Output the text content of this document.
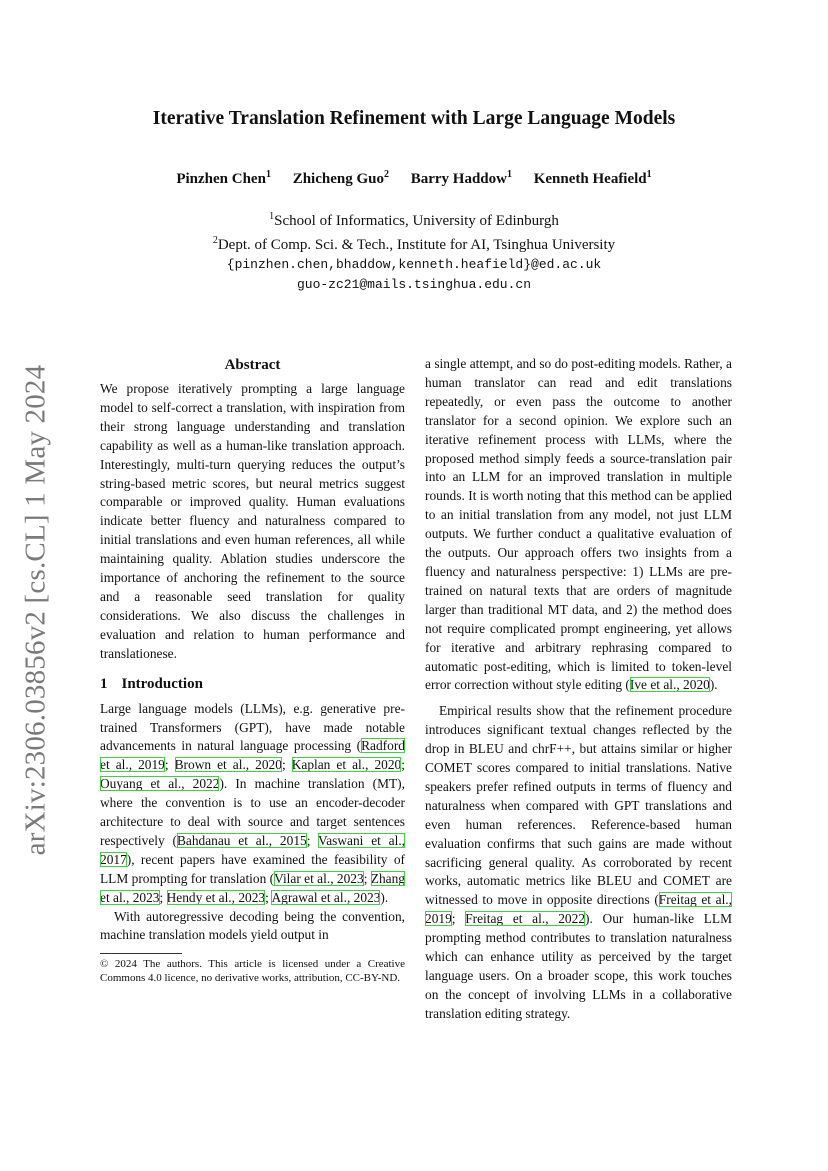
arXiv:2306.03856v2 [cs.CL] 1 May 2024
Iterative Translation Refinement with Large Language Models
Pinzhen Chen$^1$ Zhicheng Guo$^2$ Barry Haddow$^1$ Kenneth Heafield$^1$
$^1$School of Informatics, University of Edinburgh
$^2$Dept. of Comp. Sci. & Tech., Institute for AI, Tsinghua University
{pinzhen.chen,bhaddow,kenneth.heafield}@ed.ac.uk
guo-zc21@mails.tsinghua.edu.cn
Abstract

We propose iteratively prompting a large language model to self-correct a translation, with inspiration from their strong language understanding and translation capability as well as a human-like translation approach. Interestingly, multi-turn querying reduces the output’s string-based metric scores, but neural metrics suggest comparable or improved quality. Human evaluations indicate better fluency and naturalness compared to initial translations and even human references, all while maintaining quality. Ablation studies underscore the importance of anchoring the refinement to the source and a reasonable seed translation for quality considerations. We also discuss the challenges in evaluation and relation to human performance and translationese.

1 Introduction

Large language models (LLMs), e.g. generative pre-trained Transformers (GPT), have made notable advancements in natural language processing (Radford et al., 2019; Brown et al., 2020; Kaplan et al., 2020; Ouyang et al., 2022). In machine translation (MT), where the convention is to use an encoder-decoder architecture to deal with source and target sentences respectively (Bahdanau et al., 2015; Vaswani et al., 2017), recent papers have examined the feasibility of LLM prompting for translation (Vilar et al., 2023; Zhang et al., 2023; Hendy et al., 2023; Agrawal et al., 2023).

With autoregressive decoding being the convention, machine translation models yield output in

© 2024 The authors. This article is licensed under a Creative Commons 4.0 licence, no derivative works, attribution, CC-BY-ND.

a single attempt, and so do post-editing models. Rather, a human translator can read and edit translations repeatedly, or even pass the outcome to another translator for a second opinion. We explore such an iterative refinement process with LLMs, where the proposed method simply feeds a source-translation pair into an LLM for an improved translation in multiple rounds. It is worth noting that this method can be applied to an initial translation from any model, not just LLM outputs. We further conduct a qualitative evaluation of the outputs. Our approach offers two insights from a fluency and naturalness perspective: 1) LLMs are pre-trained on natural texts that are orders of magnitude larger than traditional MT data, and 2) the method does not require complicated prompt engineering, yet allows for iterative and arbitrary rephrasing compared to automatic post-editing, which is limited to token-level error correction without style editing (Ive et al., 2020).

Empirical results show that the refinement procedure introduces significant textual changes reflected by the drop in BLEU and chrF++, but attains similar or higher COMET scores compared to initial translations. Native speakers prefer refined outputs in terms of fluency and naturalness when compared with GPT translations and even human references. Reference-based human evaluation confirms that such gains are made without sacrificing general quality. As corroborated by recent works, automatic metrics like BLEU and COMET are witnessed to move in opposite directions (Freitag et al., 2019; Freitag et al., 2022). Our human-like LLM prompting method contributes to translation naturalness which can enhance utility as perceived by the target language users. On a broader scope, this work touches on the concept of involving LLMs in a collaborative translation editing strategy.
